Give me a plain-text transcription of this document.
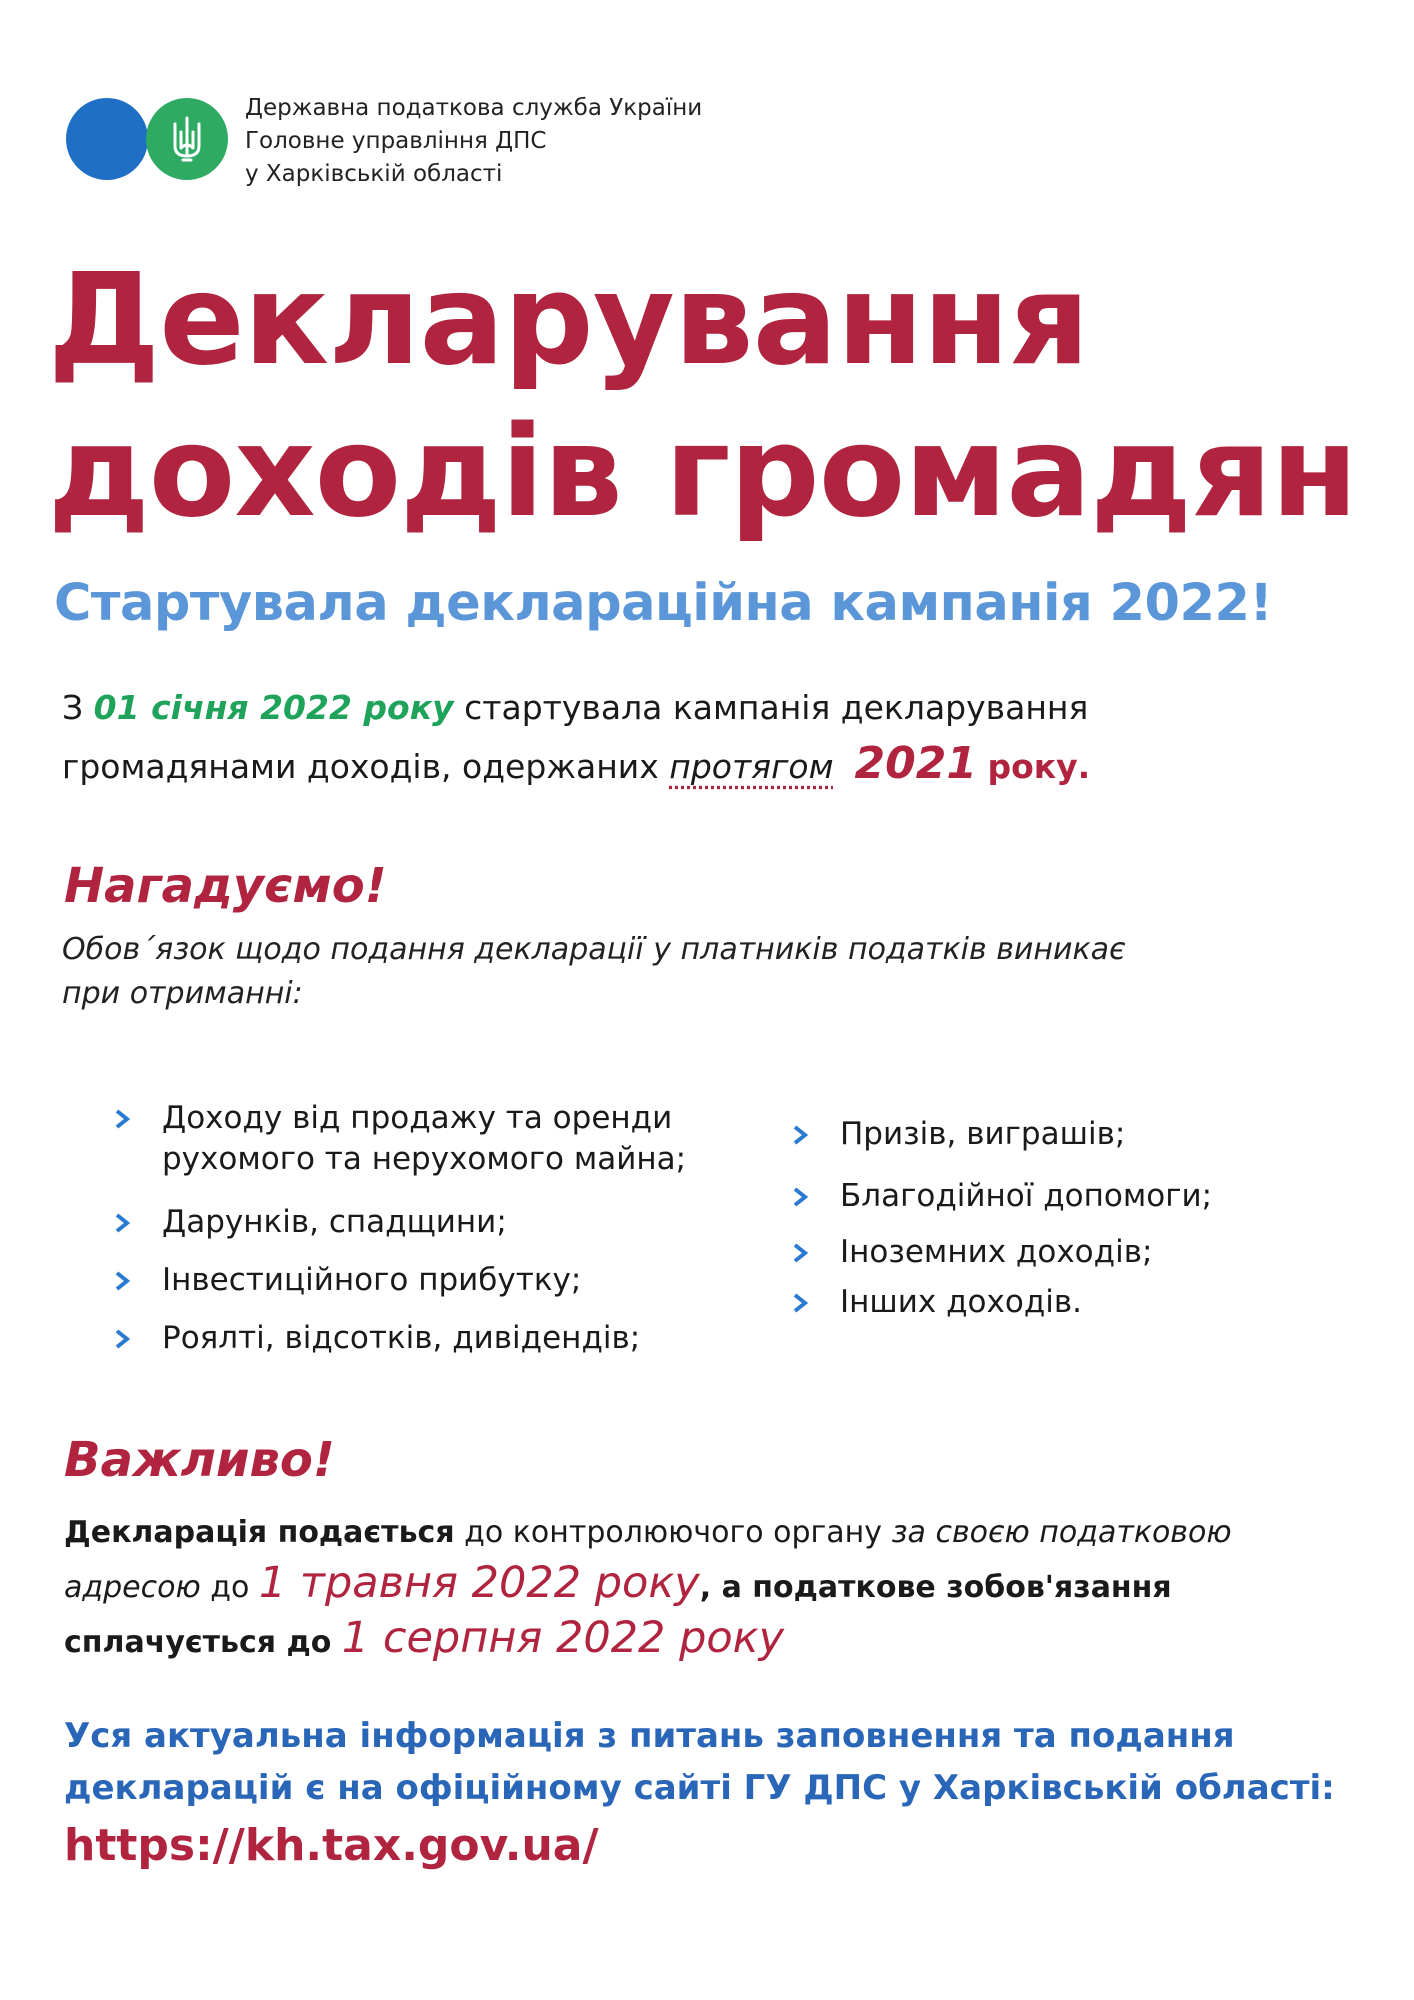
Державна податкова служба України
Головне управління ДПС
у Харківській області
Декларування
доходів громадян
Стартувала деклараційна кампанія 2022!
З 01 січня 2022 року стартувала кампанія декларування
громадянами доходів, одержаних протягом 2021 року.
Нагадуємо!
Обов´язок щодо подання декларації у платників податків виникає
при отриманні:
Доходу від продажу та оренди
рухомого та нерухомого майна;
Дарунків, спадщини;
Інвестиційного прибутку;
Роялті, відсотків, дивідендів;
Призів, виграшів;
Благодійної допомоги;
Іноземних доходів;
Інших доходів.
Важливо!
Декларація подається до контролюючого органу за своєю податковою
адресою до 1 травня 2022 року, а податкове зобов'язання
сплачується до 1 серпня 2022 року
Уся актуальна інформація з питань заповнення та подання
декларацій є на офіційному сайті ГУ ДПС у Харківській області:
https://kh.tax.gov.ua/
